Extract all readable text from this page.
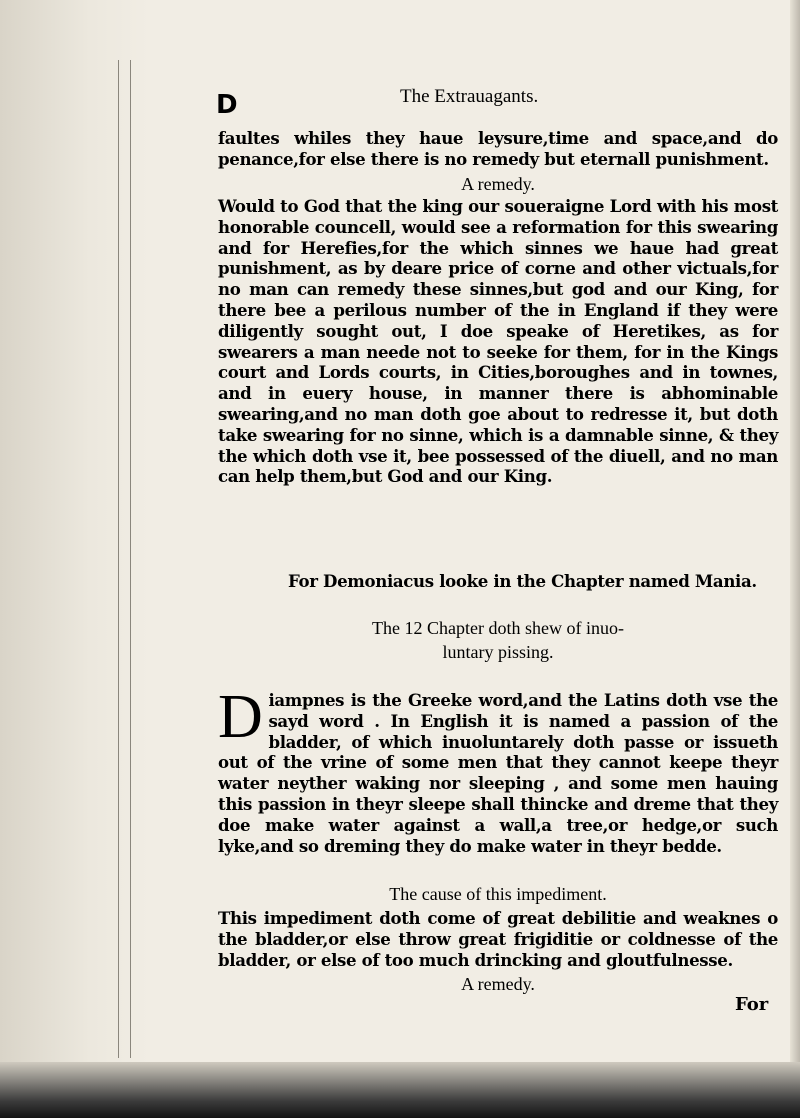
D	The Extrauagants.

faultes whiles they haue leysure,time and space,and do penance,for else there is no remedy but eternall punishment.

A remedy.

Would to God that the king our soueraigne Lord with his most honorable councell, would see a reformation for this swearing and for Herefies,for the which sinnes we haue had great punishment, as by deare price of corne and other victuals,for no man can remedy these sinnes,but god and our King, for there bee a perilous number of the in England if they were diligently sought out, I doe speake of Heretikes, as for swearers a man neede not to seeke for them, for in the Kings court and Lords courts, in Cities,boroughes and in townes, and in euery house, in manner there is abhominable swearing,and no man doth goe about to redresse it, but doth take swearing for no sinne, which is a damnable sinne, & they the which doth vse it, bee possessed of the diuell, and no man can help them,but God and our King.

For Demoniacus looke in the Chapter named Mania.

The 12 Chapter doth shew of inuo-

luntary pissing.

Diampnes is the Greeke word,and the Latins doth vse the sayd word . In English it is named a passion of the bladder, of which inuoluntarely doth passe or issueth out of the vrine of some men that they cannot keepe theyr water neyther waking nor sleeping , and some men hauing this passion in theyr sleepe shall thincke and dreme that they doe make water against a wall,a tree,or hedge,or such lyke,and so dreming they do make water in theyr bedde.

The cause of this impediment.

This impediment doth come of great debilitie and weaknes o the bladder,or else throw great frigiditie or coldnesse of the bladder, or else of too much drincking and gloutfulnesse.

A remedy.

For
